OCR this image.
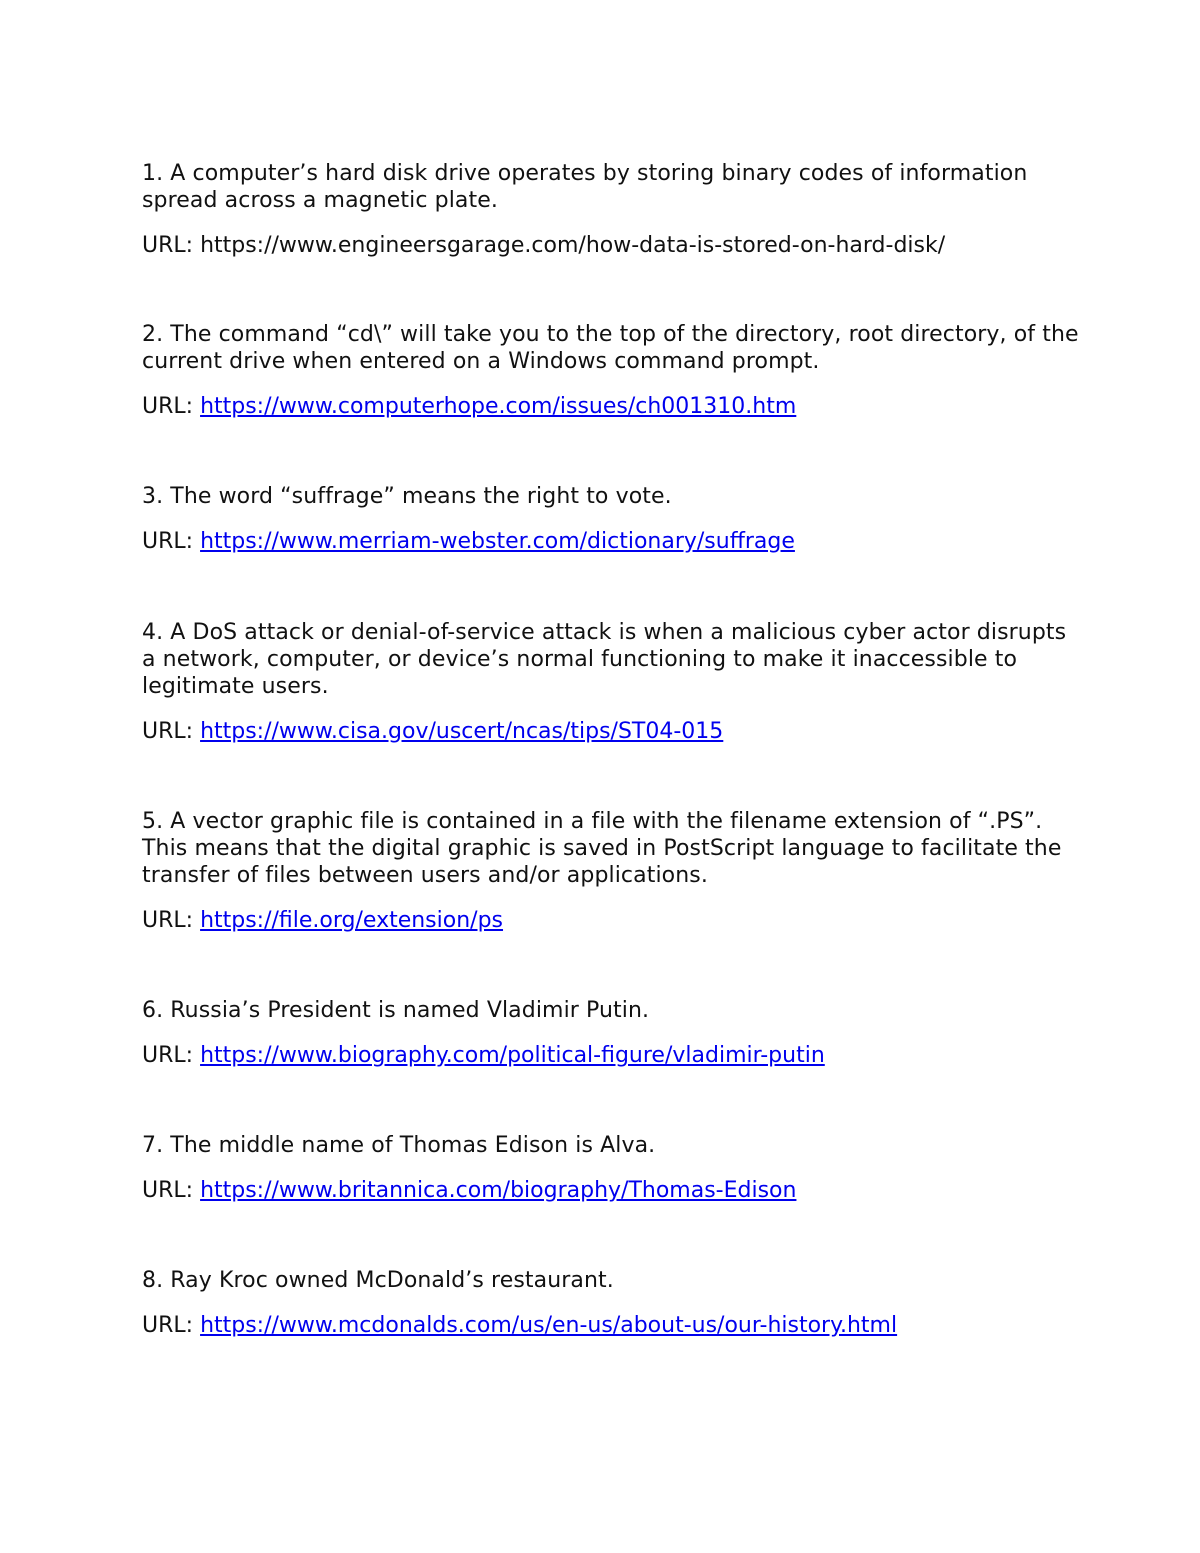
1. A computer’s hard disk drive operates by storing binary codes of information spread across a magnetic plate.

URL: https://www.engineersgarage.com/how-data-is-stored-on-hard-disk/

2. The command “cd\” will take you to the top of the directory, root directory, of the current drive when entered on a Windows command prompt.

URL: https://www.computerhope.com/issues/ch001310.htm

3. The word “suffrage” means the right to vote.

URL: https://www.merriam-webster.com/dictionary/suffrage

4. A DoS attack or denial-of-service attack is when a malicious cyber actor disrupts a network, computer, or device’s normal functioning to make it inaccessible to legitimate users.

URL: https://www.cisa.gov/uscert/ncas/tips/ST04-015

5. A vector graphic file is contained in a file with the filename extension of “.PS”. This means that the digital graphic is saved in PostScript language to facilitate the transfer of files between users and/or applications.

URL: https://file.org/extension/ps

6. Russia’s President is named Vladimir Putin.

URL: https://www.biography.com/political-figure/vladimir-putin

7. The middle name of Thomas Edison is Alva.

URL: https://www.britannica.com/biography/Thomas-Edison

8. Ray Kroc owned McDonald’s restaurant.

URL: https://www.mcdonalds.com/us/en-us/about-us/our-history.html
